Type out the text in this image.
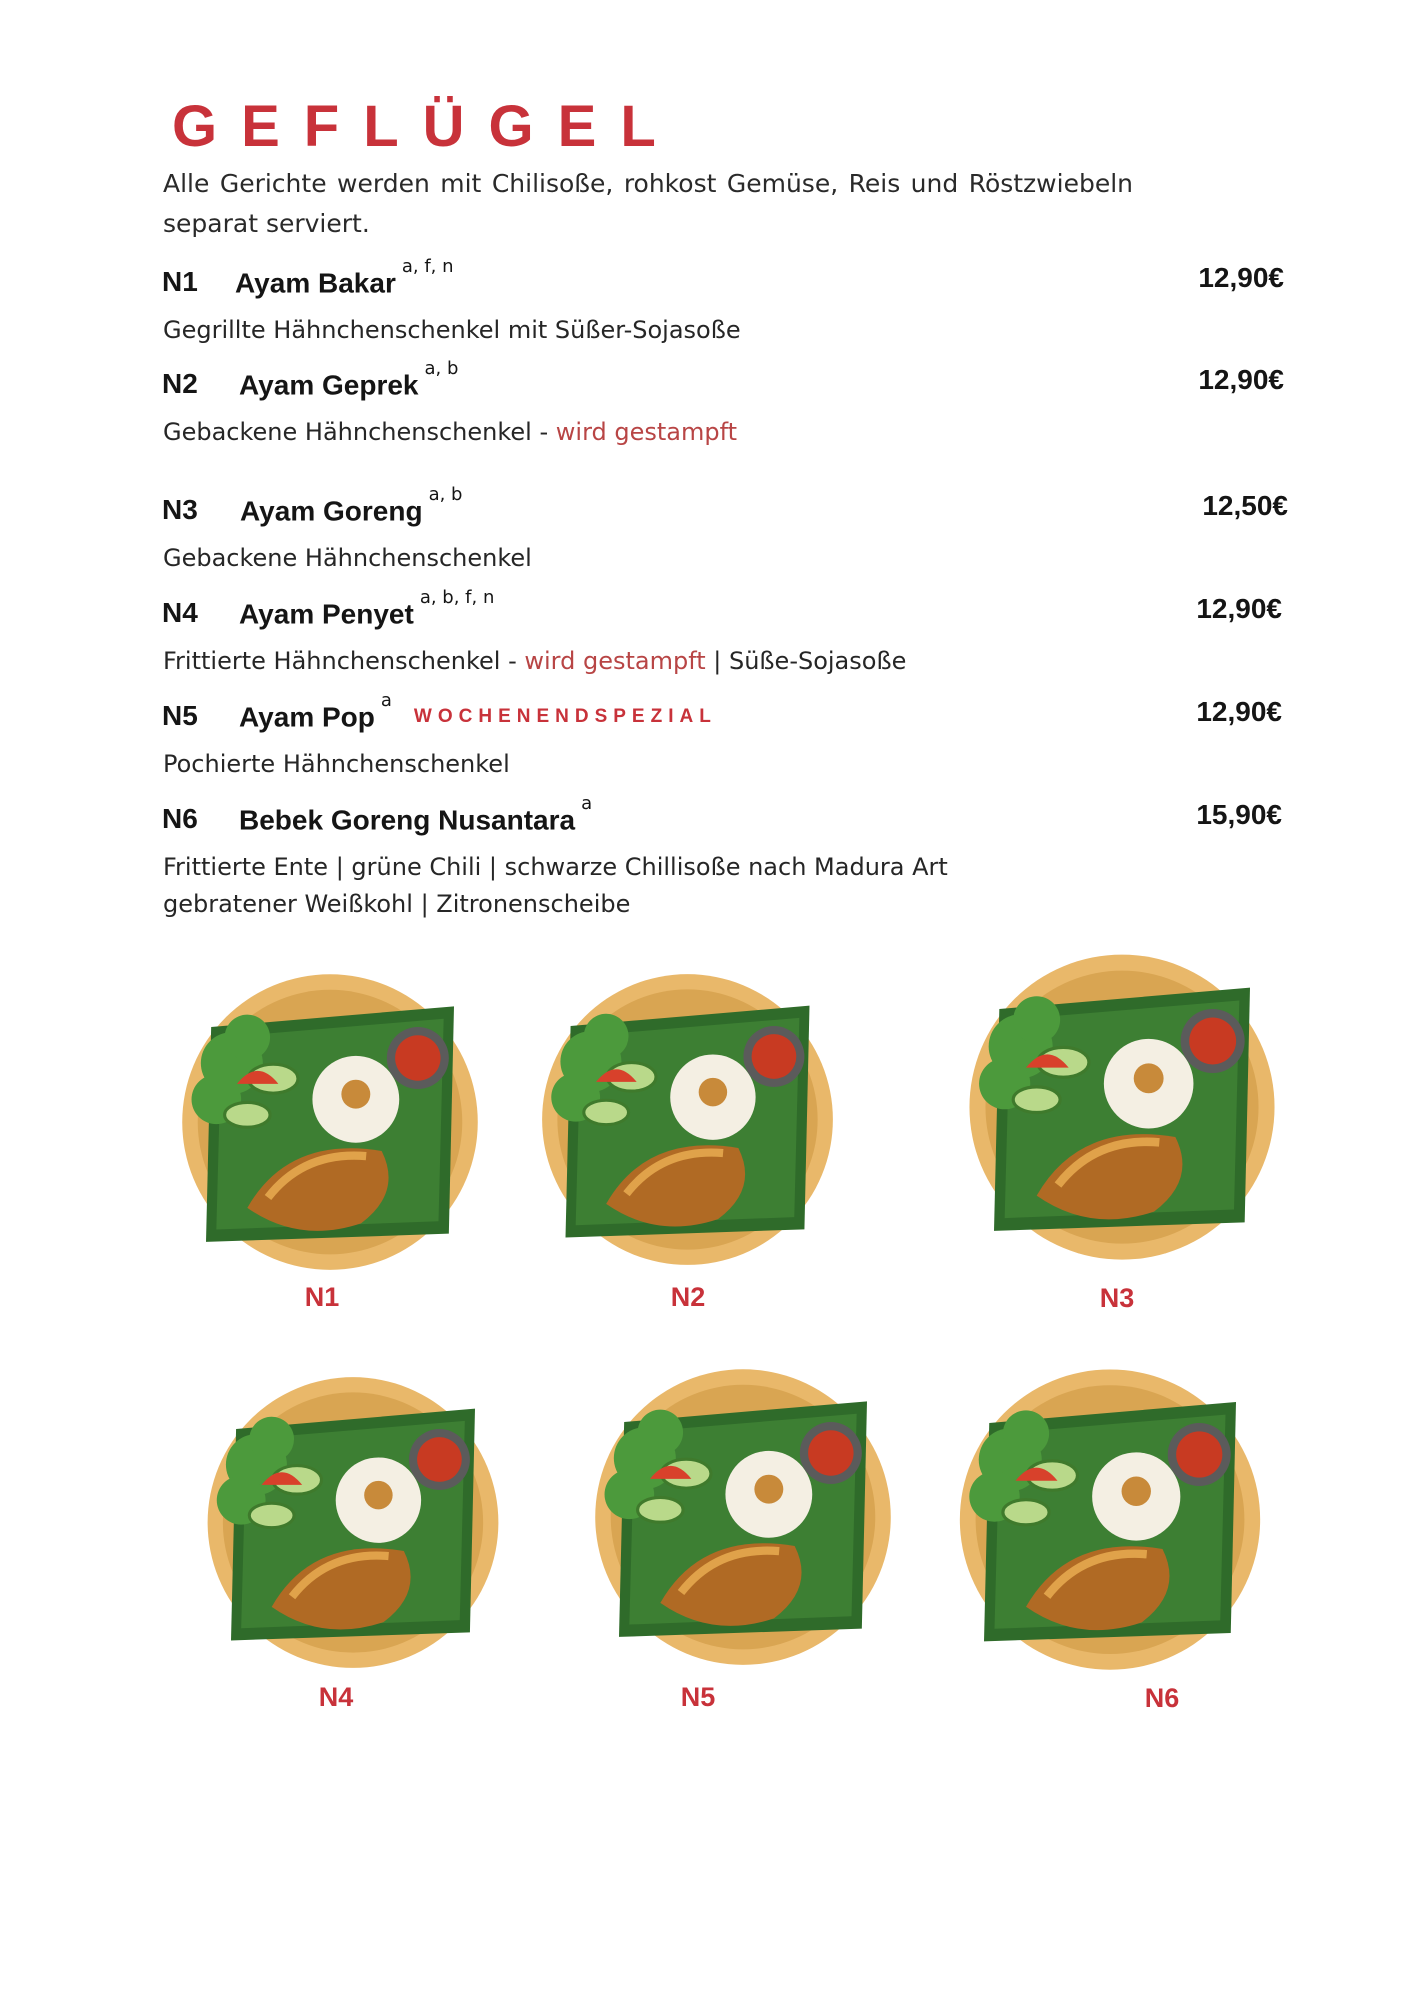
GEFLÜGEL
Alle Gerichte werden mit Chilisoße, rohkost Gemüse, Reis und Röstzwiebeln separat serviert.
N1 Ayam Bakar$^{a, f, n}$	12,90€
Gegrillte Hähnchenschenkel mit Süßer-Sojasoße
N2 Ayam Geprek$^{a, b}$	12,90€
Gebackene Hähnchenschenkel - wird gestampft
N3 Ayam Goreng$^{a, b}$	12,50€
Gebackene Hähnchenschenkel
N4 Ayam Penyet$^{a, b, f, n}$	12,90€
Frittierte Hähnchenschenkel - wird gestampft | Süße-Sojasoße
N5 Ayam Pop$^a$WOCHENENDSPEZIAL	12,90€
Pochierte Hähnchenschenkel
N6 Bebek Goreng Nusantara$^a$	15,90€
Frittierte Ente | grüne Chili | schwarze Chillisoße nach Madura Art
gebratener Weißkohl | Zitronenscheibe
N1	N2	N3
N4	N5	N6
